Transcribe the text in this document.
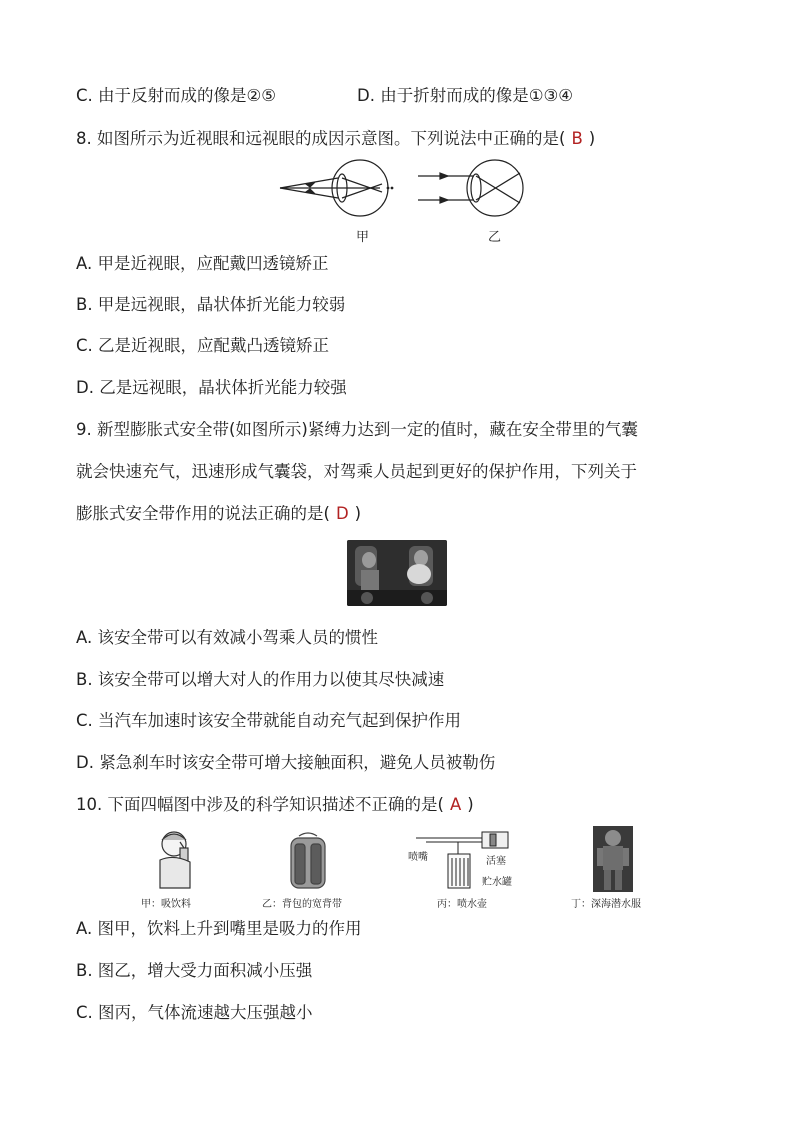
C. 由于反射而成的像是②⑤	D. 由于折射而成的像是①③④
8. 如图所示为近视眼和远视眼的成因示意图。下列说法中正确的是( B )
甲	乙
A. 甲是近视眼，应配戴凹透镜矫正
B. 甲是远视眼，晶状体折光能力较弱
C. 乙是近视眼，应配戴凸透镜矫正
D. 乙是远视眼，晶状体折光能力较强
9. 新型膨胀式安全带(如图所示)紧缚力达到一定的值时，藏在安全带里的气囊
就会快速充气，迅速形成气囊袋，对驾乘人员起到更好的保护作用，下列关于
膨胀式安全带作用的说法正确的是( D )
A. 该安全带可以有效减小驾乘人员的惯性
B. 该安全带可以增大对人的作用力以使其尽快减速
C. 当汽车加速时该安全带就能自动充气起到保护作用
D. 紧急刹车时该安全带可增大接触面积，避免人员被勒伤
10. 下面四幅图中涉及的科学知识描述不正确的是( A )
甲：吸饮料	乙：背包的宽背带
喷嘴	活塞
贮水罐
丙：喷水壶	丁：深海潜水服
A. 图甲，饮料上升到嘴里是吸力的作用
B. 图乙，增大受力面积减小压强
C. 图丙，气体流速越大压强越小
